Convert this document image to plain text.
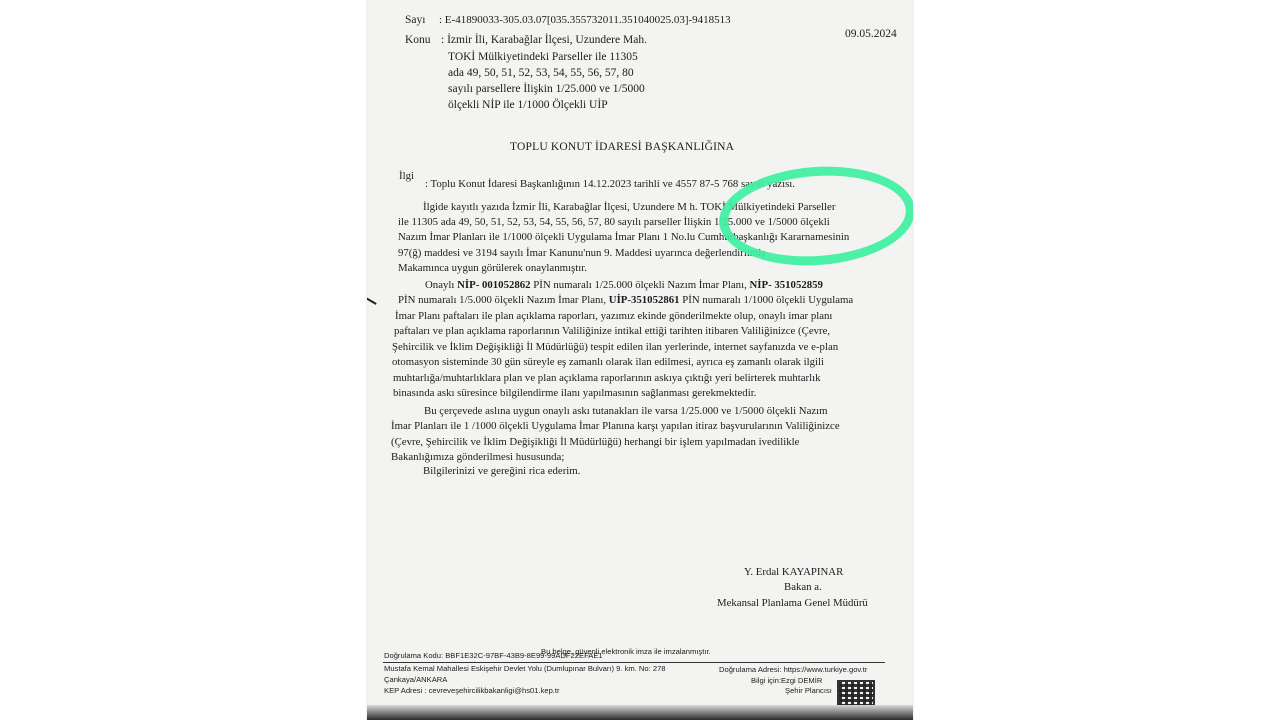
Sayı : E-41890033-305.03.07[035.355732011.351040025.03]-9418513
09.05.2024
Konu : İzmir İli, Karabağlar İlçesi, Uzundere Mah.
TOKİ Mülkiyetindeki Parseller ile 11305
ada 49, 50, 51, 52, 53, 54, 55, 56, 57, 80
sayılı parsellere İlişkin 1/25.000 ve 1/5000
ölçekli NİP ile 1/1000 Ölçekli UİP
TOPLU KONUT İDARESİ BAŞKANLIĞINA
İlgi
: Toplu Konut İdaresi Başkanlığının 14.12.2023 tarihli ve 4557 87-5 768 sayılı yazısı.
İlgide kayıtlı yazıda İzmir İli, Karabağlar İlçesi, Uzundere M h. TOKİ Mülkiyetindeki Parseller
ile 11305 ada 49, 50, 51, 52, 53, 54, 55, 56, 57, 80 sayılı parseller İlişkin 1/25.000 ve 1/5000 ölçekli
Nazım İmar Planları ile 1/1000 ölçekli Uygulama İmar Planı 1 No.lu Cumhurbaşkanlığı Kararnamesinin
97(ğ) maddesi ve 3194 sayılı İmar Kanunu'nun 9. Maddesi uyarınca değerlendirilmiş
Makamınca uygun görülerek onaylanmıştır.
Onaylı NİP- 001052862 PİN numaralı 1/25.000 ölçekli Nazım İmar Planı, NİP- 351052859
PİN numaralı 1/5.000 ölçekli Nazım İmar Planı, UİP-351052861 PİN numaralı 1/1000 ölçekli Uygulama
İmar Planı paftaları ile plan açıklama raporları, yazımız ekinde gönderilmekte olup, onaylı imar planı
paftaları ve plan açıklama raporlarının Valiliğinize intikal ettiği tarihten itibaren Valiliğinizce (Çevre,
Şehircilik ve İklim Değişikliği İl Müdürlüğü) tespit edilen ilan yerlerinde, internet sayfanızda ve e-plan
otomasyon sisteminde 30 gün süreyle eş zamanlı olarak ilan edilmesi, ayrıca eş zamanlı olarak ilgili
muhtarlığa/muhtarlıklara plan ve plan açıklama raporlarının askıya çıktığı yeri belirterek muhtarlık
binasında askı süresince bilgilendirme ilanı yapılmasının sağlanması gerekmektedir.
Bu çerçevede aslına uygun onaylı askı tutanakları ile varsa 1/25.000 ve 1/5000 ölçekli Nazım
İmar Planları ile 1 /1000 ölçekli Uygulama İmar Planına karşı yapılan itiraz başvurularının Valiliğinizce
(Çevre, Şehircilik ve İklim Değişikliği İl Müdürlüğü) herhangi bir işlem yapılmadan ivedilikle
Bakanlığımıza gönderilmesi hususunda;
Bilgilerinizi ve gereğini rica ederim.
Y. Erdal KAYAPINAR
Bakan a.
Mekansal Planlama Genel Müdürü
Bu belge, güvenli elektronik imza ile imzalanmıştır.
Doğrulama Kodu: BBF1E32C-97BF-43B9-8E99-99ADF22EFAE1
Doğrulama Adresi: https://www.turkiye.gov.tr
Mustafa Kemal Mahallesi Eskişehir Devlet Yolu (Dumlupınar Bulvarı) 9. km. No: 278
Çankaya/ANKARA
KEP Adresi : cevreveşehircilikbakanligi@hs01.kep.tr
Bilgi için:Ezgi DEMİR
Şehir Plancısı
